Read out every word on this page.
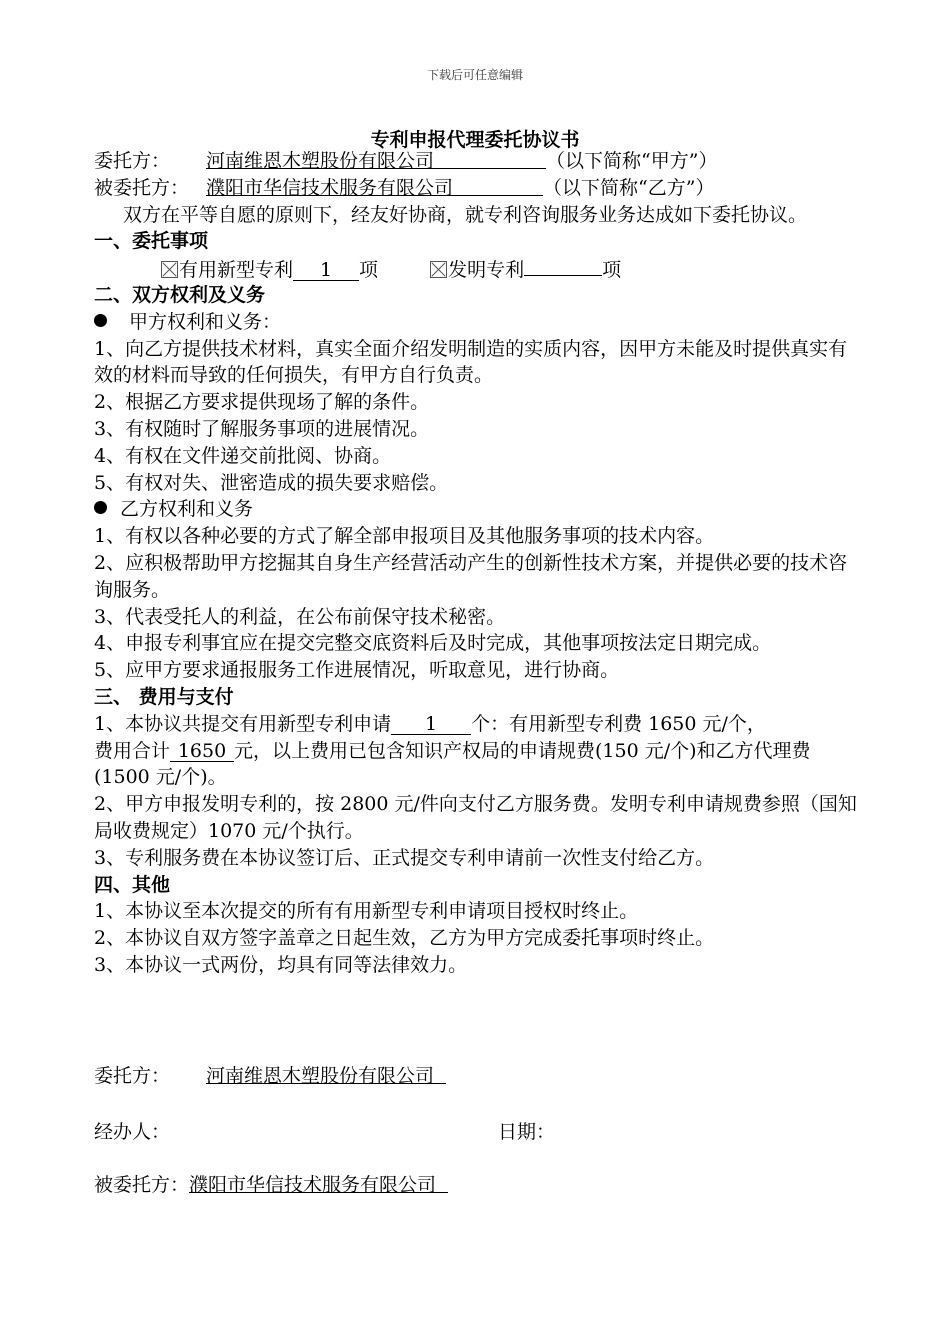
下载后可任意编辑
专利申报代理委托协议书
委托方： 河南维恩木塑股份有限公司	（以下简称“甲方”）
被委托方： 濮阳市华信技术服务有限公司	（以下简称“乙方”）
双方在平等自愿的原则下，经友好协商，就专利咨询服务业务达成如下委托协议。
一、委托事项
有用新型专利 1 项	发明专利	项
二、双方权利及义务
甲方权利和义务：
1、向乙方提供技术材料，真实全面介绍发明制造的实质内容，因甲方未能及时提供真实有效的材料而导致的任何损失，有甲方自行负责。
2、根据乙方要求提供现场了解的条件。
3、有权随时了解服务事项的进展情况。
4、有权在文件递交前批阅、协商。
5、有权对失、泄密造成的损失要求赔偿。
乙方权利和义务
1、有权以各种必要的方式了解全部申报项目及其他服务事项的技术内容。
2、应积极帮助甲方挖掘其自身生产经营活动产生的创新性技术方案，并提供必要的技术咨询服务。
3、代表受托人的利益，在公布前保守技术秘密。
4、申报专利事宜应在提交完整交底资料后及时完成，其他事项按法定日期完成。
5、应甲方要求通报服务工作进展情况，听取意见，进行协商。
三、 费用与支付
1、本协议共提交有用新型专利申请 1 个：有用新型专利费 1650 元/个，
费用合计 1650 元，以上费用已包含知识产权局的申请规费(150 元/个)和乙方代理费(1500 元/个)。
2、甲方申报发明专利的，按 2800 元/件向支付乙方服务费。发明专利申请规费参照（国知局收费规定）1070 元/个执行。
3、专利服务费在本协议签订后、正式提交专利申请前一次性支付给乙方。
四、其他
1、本协议至本次提交的所有有用新型专利申请项目授权时终止。
2、本协议自双方签字盖章之日起生效，乙方为甲方完成委托事项时终止。
3、本协议一式两份，均具有同等法律效力。
委托方： 河南维恩木塑股份有限公司
经办人：	日期：
被委托方：濮阳市华信技术服务有限公司
